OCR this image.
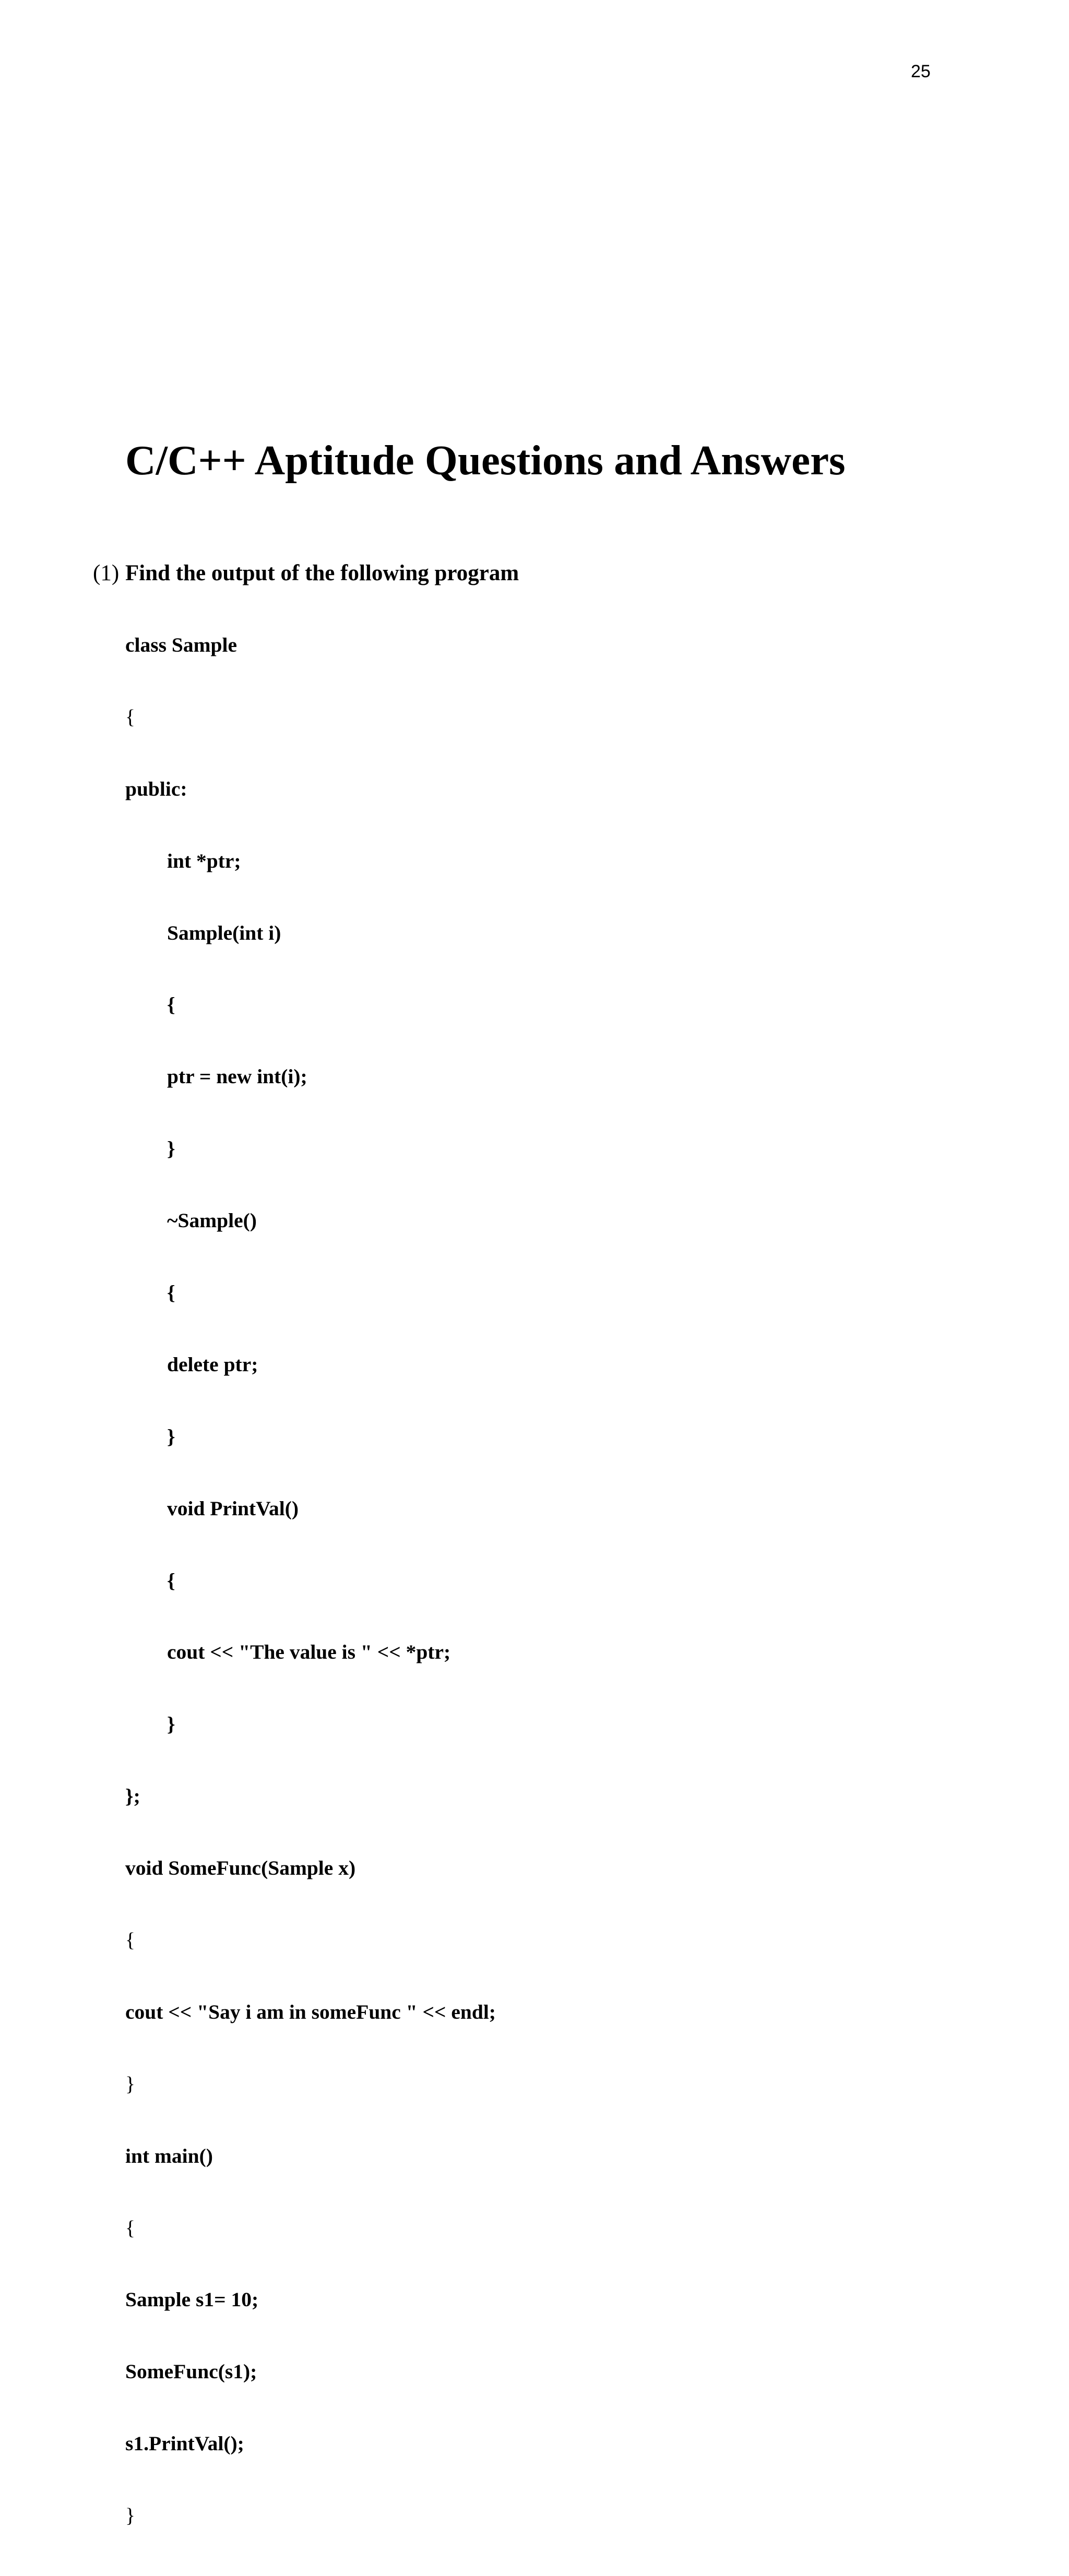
25
C/C++ Aptitude Questions and Answers
(1) Find the output of the following program

class Sample

{

public:

int *ptr;

Sample(int i)

{

ptr = new int(i);

}

~Sample()

{

delete ptr;

}

void PrintVal()

{

cout << "The value is " << *ptr;

}

};

void SomeFunc(Sample x)

{

cout << "Say i am in someFunc " << endl;

}

int main()

{

Sample s1= 10;

SomeFunc(s1);

s1.PrintVal();

}
